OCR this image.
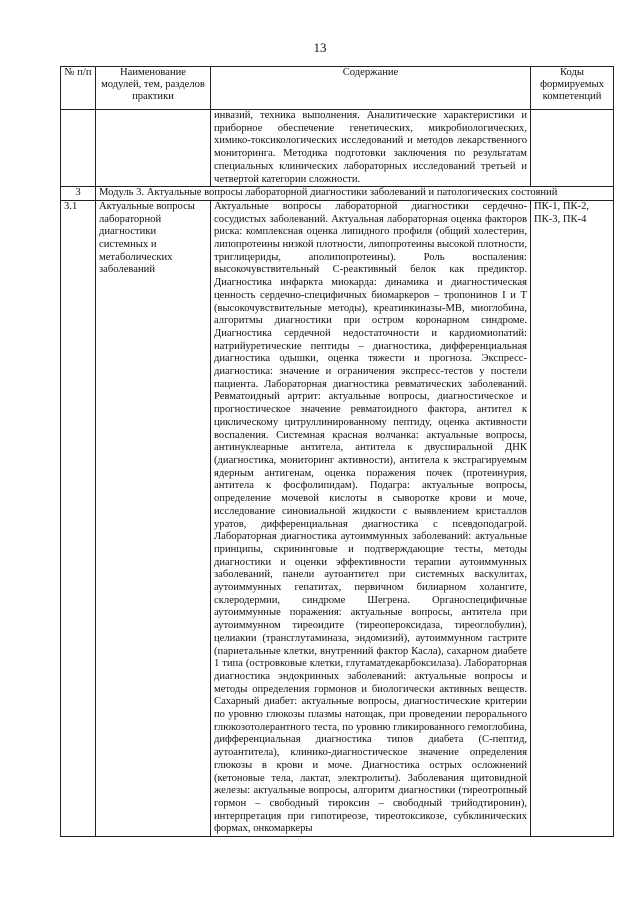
13
№ п/п	Наименование модулей, тем, разделов практики	Содержание	Коды формируемых компетенций
		инвазий, техника выполнения. Аналитические характеристики и приборное обеспечение генетических, микробиологических, химико-токсикологических исследований и методов лекарственного мониторинга. Методика подготовки заключения по результатам специальных клинических лабораторных исследований третьей и четвертой категории сложности.	
3	Модуль 3. Актуальные вопросы лабораторной диагностики заболеваний и патологических состояний		
3.1	Актуальные вопросы лабораторной диагностики системных и метаболических заболеваний	Актуальные вопросы лабораторной диагностики сердечно-сосудистых заболеваний. Актуальная лабораторная оценка факторов риска: комплексная оценка липидного профиля (общий холестерин, липопротеины низкой плотности, липопротеины высокой плотности, триглицериды, аполипопротеины). Роль воспаления: высокочувствительный С-реактивный белок как предиктор. Диагностика инфаркта миокарда: динамика и диагностическая ценность сердечно-специфичных биомаркеров – тропонинов I и T (высокочувствительные методы), креатинкиназы-MB, миоглобина, алгоритмы диагностики при остром коронарном синдроме. Диагностика сердечной недостаточности и кардиомиопатий: натрийуретические пептиды – диагностика, дифференциальная диагностика одышки, оценка тяжести и прогноза. Экспресс-диагностика: значение и ограничения экспресс-тестов у постели пациента. Лабораторная диагностика ревматических заболеваний. Ревматоидный артрит: актуальные вопросы, диагностическое и прогностическое значение ревматоидного фактора, антител к циклическому цитруллинированному пептиду, оценка активности воспаления. Системная красная волчанка: актуальные вопросы, антинуклеарные антитела, антитела к двуспиральной ДНК (диагностика, мониторинг активности), антитела к экстрагируемым ядерным антигенам, оценка поражения почек (протеинурия, антитела к фосфолипидам). Подагра: актуальные вопросы, определение мочевой кислоты в сыворотке крови и моче, исследование синовиальной жидкости с выявлением кристаллов уратов, дифференциальная диагностика с псевдоподагрой. Лабораторная диагностика аутоиммунных заболеваний: актуальные принципы, скрининговые и подтверждающие тесты, методы диагностики и оценки эффективности терапии аутоиммунных заболеваний, панели аутоантител при системных васкулитах, аутоиммунных гепатитах, первичном билиарном холангите, склеродермии, синдроме Шегрена. Органоспецифичные аутоиммунные поражения: актуальные вопросы, антитела при аутоиммунном тиреоидите (тиреопероксидаза, тиреоглобулин), целиакии (трансглутаминаза, эндомизий), аутоиммунном гастрите (париетальные клетки, внутренний фактор Касла), сахарном диабете 1 типа (островковые клетки, глутаматдекарбоксилаза). Лабораторная диагностика эндокринных заболеваний: актуальные вопросы и методы определения гормонов и биологически активных веществ. Сахарный диабет: актуальные вопросы, диагностические критерии по уровню глюкозы плазмы натощак, при проведении перорального глюкозотолерантного теста, по уровню гликированного гемоглобина, дифференциальная диагностика типов диабета (С-пептид, аутоантитела), клинико-диагностическое значение определения глюкозы в крови и моче. Диагностика острых осложнений (кетоновые тела, лактат, электролиты). Заболевания щитовидной железы: актуальные вопросы, алгоритм диагностики (тиреотропный гормон – свободный тироксин – свободный трийодтиронин), интерпретация при гипотиреозе, тиреотоксикозе, субклинических формах, онкомаркеры	ПК-1, ПК-2, ПК-3, ПК-4
